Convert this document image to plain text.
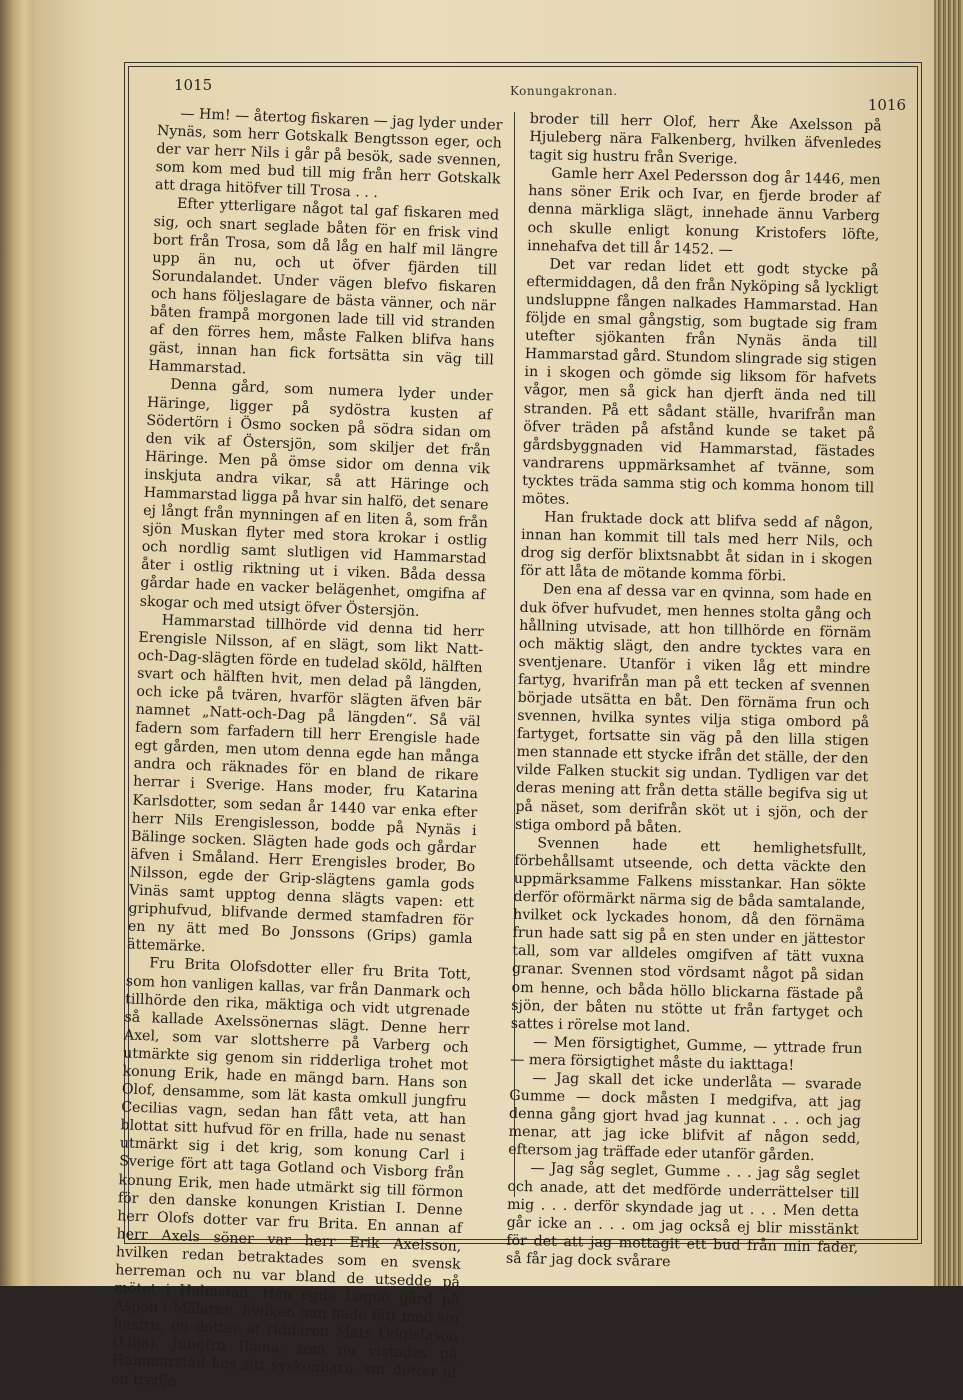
1015	Konungakronan.
1016

— Hm! — återtog fiskaren — jag lyder under Nynäs, som herr Gotskalk Bengtsson eger, och der var herr Nils i går på besök, sade svennen, som kom med bud till mig från herr Gotskalk att draga hitöfver till Trosa . . .

Efter ytterligare något tal gaf fiskaren med sig, och snart seglade båten för en frisk vind bort från Trosa, som då låg en half mil längre upp än nu, och ut öfver fjärden till Sorundalandet. Under vägen blefvo fiskaren och hans följeslagare de bästa vänner, och när båten frampå morgonen lade till vid stranden af den förres hem, måste Falken blifva hans gäst, innan han fick fortsätta sin väg till Hammarstad.

Denna gård, som numera lyder under Häringe, ligger på sydöstra kusten af Södertörn i Ösmo socken på södra sidan om den vik af Östersjön, som skiljer det från Häringe. Men på ömse sidor om denna vik inskjuta andra vikar, så att Häringe och Hammarstad ligga på hvar sin halfö, det senare ej långt från mynningen af en liten å, som från sjön Muskan flyter med stora krokar i ostlig och nordlig samt slutligen vid Hammarstad åter i ostlig riktning ut i viken. Båda dessa gårdar hade en vacker belägenhet, omgifna af skogar och med utsigt öfver Östersjön.

Hammarstad tillhörde vid denna tid herr Erengisle Nilsson, af en slägt, som likt Natt-och-Dag-slägten förde en tudelad sköld, hälften svart och hälften hvit, men delad på längden, och icke på tvären, hvarför slägten äfven bär namnet „Natt-och-Dag på längden“. Så väl fadern som farfadern till herr Erengisle hade egt gården, men utom denna egde han många andra och räknades för en bland de rikare herrar i Sverige. Hans moder, fru Katarina Karlsdotter, som sedan år 1440 var enka efter herr Nils Erengislesson, bodde på Nynäs i Bälinge socken. Slägten hade gods och gårdar äfven i Småland. Herr Erengisles broder, Bo Nilsson, egde der Grip-slägtens gamla gods Vinäs samt upptog denna slägts vapen: ett griphufvud, blifvande dermed stamfadren för en ny ätt med Bo Jonssons (Grips) gamla ättemärke.

Fru Brita Olofsdotter eller fru Brita Tott, som hon vanligen kallas, var från Danmark och tillhörde den rika, mäktiga och vidt utgrenade så kallade Axelssönernas slägt. Denne herr Axel, som var slottsherre på Varberg och utmärkte sig genom sin ridderliga trohet mot konung Erik, hade en mängd barn. Hans son Olof, densamme, som lät kasta omkull jungfru Cecilias vagn, sedan han fått veta, att han blottat sitt hufvud för en frilla, hade nu senast utmärkt sig i det krig, som konung Carl i Sverige fört att taga Gotland och Visborg från konung Erik, men hade utmärkt sig till förmon för den danske konungen Kristian I. Denne herr Olofs dotter var fru Brita. En annan af herr Axels söner var herr Erik Axelsson, hvilken redan betraktades som en svensk herreman och nu var bland de utsedde på mötet i Halmstad. Han egde Lagnö gård på Aspön i Mälaren, hvilken han hade fått med sin husfru, en dotter af riddaren Mats Ödgislason (Lilja). Jungfru Iliana, som nu vistades på Hammarstad hos sitt syskonbarn, var dotter af en tredje

broder till herr Olof, herr Åke Axelsson på Hjuleberg nära Falkenberg, hvilken äfvenledes tagit sig hustru från Sverige.

Gamle herr Axel Pedersson dog år 1446, men hans söner Erik och Ivar, en fjerde broder af denna märkliga slägt, innehade ännu Varberg och skulle enligt konung Kristofers löfte, innehafva det till år 1452. —

Det var redan lidet ett godt stycke på eftermiddagen, då den från Nyköping så lyckligt undsluppne fången nalkades Hammarstad. Han följde en smal gångstig, som bugtade sig fram utefter sjökanten från Nynäs ända till Hammarstad gård. Stundom slingrade sig stigen in i skogen och gömde sig liksom för hafvets vågor, men så gick han djerft ända ned till stranden. På ett sådant ställe, hvarifrån man öfver träden på afstånd kunde se taket på gårdsbyggnaden vid Hammarstad, fästades vandrarens uppmärksamhet af tvänne, som tycktes träda samma stig och komma honom till mötes.

Han fruktade dock att blifva sedd af någon, innan han kommit till tals med herr Nils, och drog sig derför blixtsnabbt åt sidan in i skogen för att låta de mötande komma förbi.

Den ena af dessa var en qvinna, som hade en duk öfver hufvudet, men hennes stolta gång och hållning utvisade, att hon tillhörde en förnäm och mäktig slägt, den andre tycktes vara en sventjenare. Utanför i viken låg ett mindre fartyg, hvarifrån man på ett tecken af svennen började utsätta en båt. Den förnäma frun och svennen, hvilka syntes vilja stiga ombord på fartyget, fortsatte sin väg på den lilla stigen men stannade ett stycke ifrån det ställe, der den vilde Falken stuckit sig undan. Tydligen var det deras mening att från detta ställe begifva sig ut på näset, som derifrån sköt ut i sjön, och der stiga ombord på båten.

Svennen hade ett hemlighetsfullt, förbehållsamt utseende, och detta väckte den uppmärksamme Falkens misstankar. Han sökte derför oförmärkt närma sig de båda samtalande, hvilket ock lyckades honom, då den förnäma frun hade satt sig på en sten under en jättestor tall, som var alldeles omgifven af tätt vuxna granar. Svennen stod vördsamt något på sidan om henne, och båda höllo blickarna fästade på sjön, der båten nu stötte ut från fartyget och sattes i rörelse mot land.

— Men försigtighet, Gumme, — yttrade frun — mera försigtighet måste du iakttaga!

— Jag skall det icke underlåta — svarade Gumme — dock måsten I medgifva, att jag denna gång gjort hvad jag kunnat . . . och jag menar, att jag icke blifvit af någon sedd, eftersom jag träffade eder utanför gården.

— Jag såg seglet, Gumme . . . jag såg seglet och anade, att det medförde underrättelser till mig . . . derför skyndade jag ut . . . Men detta går icke an . . . om jag också ej blir misstänkt för det att jag mottagit ett bud från min fader, så får jag dock svårare
